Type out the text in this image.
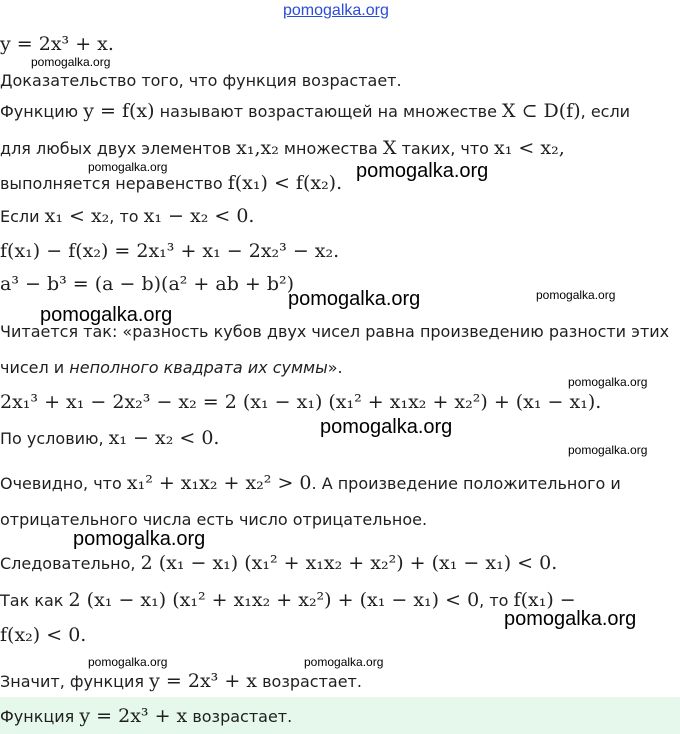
pomogalka.org
y = 2x³ + x.
Доказательство того, что функция возрастает.
Функцию y = f(x) называют возрастающей на множестве X ⊂ D(f), если
для любых двух элементов x₁,x₂ множества X таких, что x₁ < x₂,
выполняется неравенство f(x₁) < f(x₂).
Если x₁ < x₂, то x₁ − x₂ < 0.
f(x₁) − f(x₂) = 2x₁³ + x₁ − 2x₂³ − x₂.
a³ − b³ = (a − b)(a² + ab + b²)
Читается так: «разность кубов двух чисел равна произведению разности этих
чисел и неполного квадрата их суммы».
2x₁³ + x₁ − 2x₂³ − x₂ = 2 (x₁ − x₁) (x₁² + x₁x₂ + x₂²) + (x₁ − x₁).
По условию, x₁ − x₂ < 0.
Очевидно, что x₁² + x₁x₂ + x₂² > 0. А произведение положительного и
отрицательного числа есть число отрицательное.
Следовательно, 2 (x₁ − x₁) (x₁² + x₁x₂ + x₂²) + (x₁ − x₁) < 0.
Так как 2 (x₁ − x₁) (x₁² + x₁x₂ + x₂²) + (x₁ − x₁) < 0, то f(x₁) −
f(x₂) < 0.
Значит, функция y = 2x³ + x возрастает.
Функция y = 2x³ + x возрастает.
pomogalka.org
pomogalka.org	pomogalka.org
pomogalka.org	pomogalka.org
pomogalka.org
pomogalka.org
pomogalka.org
pomogalka.org
pomogalka.org
pomogalka.org
pomogalka.org	pomogalka.org
